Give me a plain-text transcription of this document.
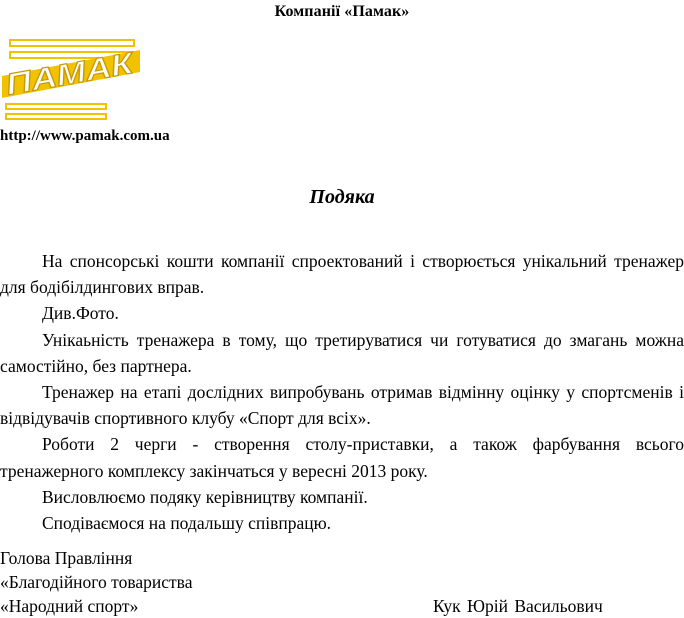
Компанії «Памак»
ПАМАК
http://www.pamak.com.ua
Подяка

На спонсорські кошти компанії спроектований і створюється унікальний тренажер для бодібілдингових вправ.

Див.Фото.

Унікаьність тренажера в тому, що третируватися чи готуватися до змагань можна самостійно, без партнера.

Тренажер на етапі дослідних випробувань отримав відмінну оцінку у спортсменів і відвідувачів спортивного клубу «Спорт для всіх».

Роботи 2 черги - створення столу-приставки, а також фарбування всього тренажерного комплексу закінчаться у вересні 2013 року.

Висловлюємо подяку керівництву компанії.

Сподіваємося на подальшу співпрацю.

Голова Правління
«Благодійного товариства
«Народний спорт»	Кук Юрій Васильович
